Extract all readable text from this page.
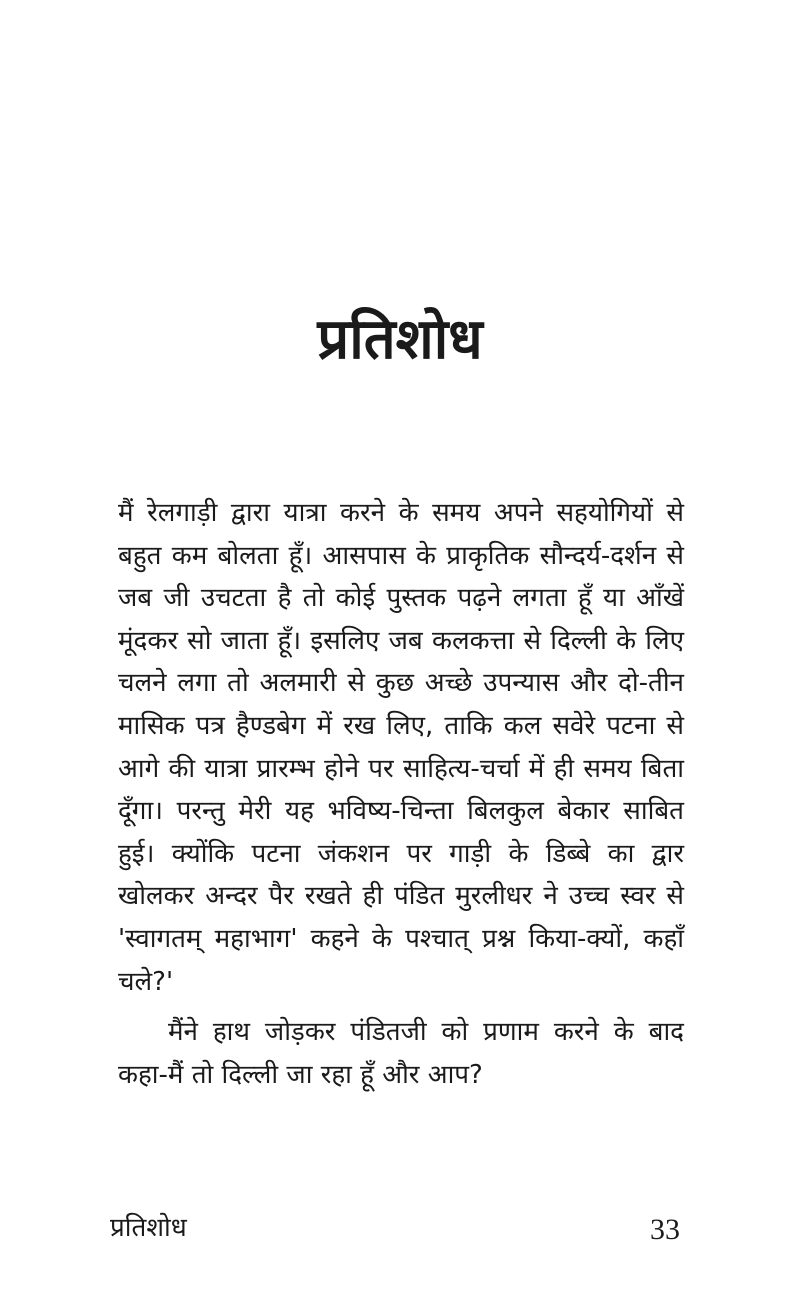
प्रतिशोध

मैं रेलगाड़ी द्वारा यात्रा करने के समय अपने सहयोगियों से बहुत कम बोलता हूँ। आसपास के प्राकृतिक सौन्दर्य-दर्शन से जब जी उचटता है तो कोई पुस्तक पढ़ने लगता हूँ या आँखें मूंदकर सो जाता हूँ। इसलिए जब कलकत्ता से दिल्ली के लिए चलने लगा तो अलमारी से कुछ अच्छे उपन्यास और दो-तीन मासिक पत्र हैण्डबेग में रख लिए, ताकि कल सवेरे पटना से आगे की यात्रा प्रारम्भ होने पर साहित्य-चर्चा में ही समय बिता दूँगा। परन्तु मेरी यह भविष्य-चिन्ता बिलकुल बेकार साबित हुई। क्योंकि पटना जंकशन पर गाड़ी के डिब्बे का द्वार खोलकर अन्दर पैर रखते ही पंडित मुरलीधर ने उच्च स्वर से 'स्वागतम् महाभाग' कहने के पश्चात् प्रश्न किया-क्यों, कहाँ चले?'

मैंने हाथ जोड़कर पंडितजी को प्रणाम करने के बाद कहा-मैं तो दिल्ली जा रहा हूँ और आप?

प्रतिशोध	33
